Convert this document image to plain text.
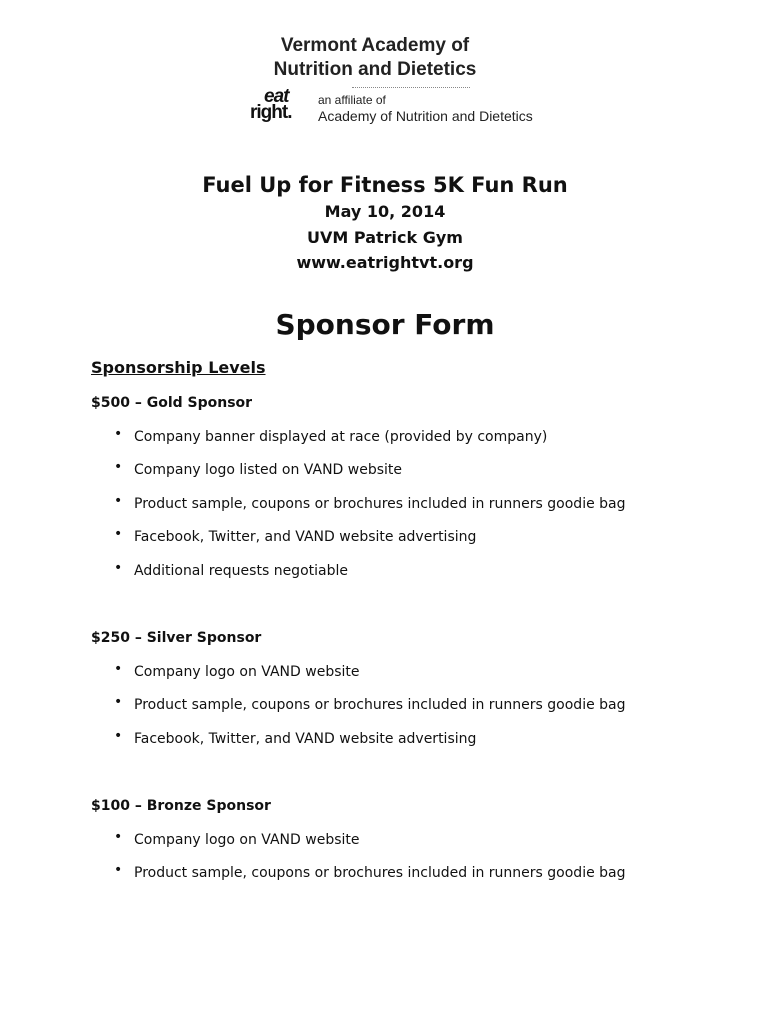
Vermont Academy of
Nutrition and Dietetics
eat
right.
an affiliate of
Academy of Nutrition and Dietetics
Fuel Up for Fitness 5K Fun Run
May 10, 2014
UVM Patrick Gym
www.eatrightvt.org
Sponsor Form
Sponsorship Levels
$500 – Gold Sponsor
• Company banner displayed at race (provided by company)
• Company logo listed on VAND website
• Product sample, coupons or brochures included in runners goodie bag
• Facebook, Twitter, and VAND website advertising
• Additional requests negotiable
$250 – Silver Sponsor
• Company logo on VAND website
• Product sample, coupons or brochures included in runners goodie bag
• Facebook, Twitter, and VAND website advertising
$100 – Bronze Sponsor
• Company logo on VAND website
• Product sample, coupons or brochures included in runners goodie bag
